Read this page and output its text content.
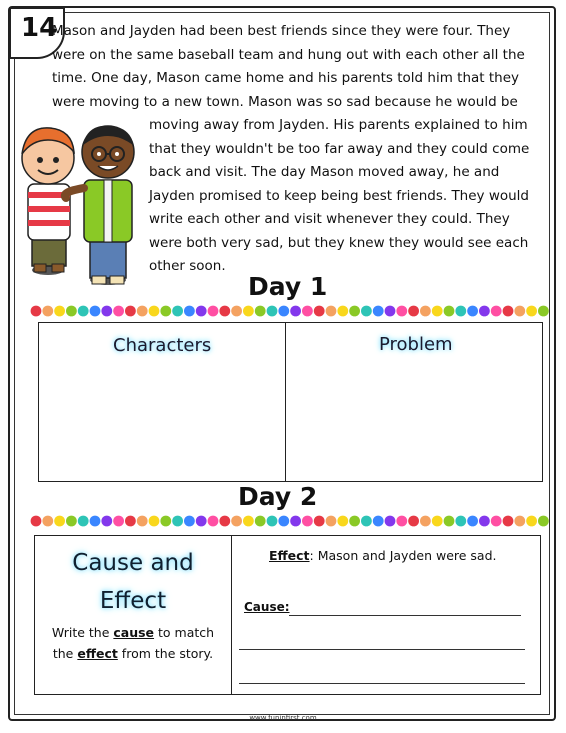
14
Mason and Jayden had been best friends since they were four. They
were on the same baseball team and hung out with each other all the
time. One day, Mason came home and his parents told him that they
were moving to a new town. Mason was so sad because he would be
moving away from Jayden. His parents explained to him
that they wouldn't be too far away and they could come
back and visit. The day Mason moved away, he and
Jayden promised to keep being best friends. They would
write each other and visit whenever they could. They
were both very sad, but they knew they would see each
other soon.
Day 1
Characters	Problem
Day 2
Cause and
Effect
Write the cause to match
the effect from the story.
Effect: Mason and Jayden were sad.
Cause:
www.funinfirst.com
